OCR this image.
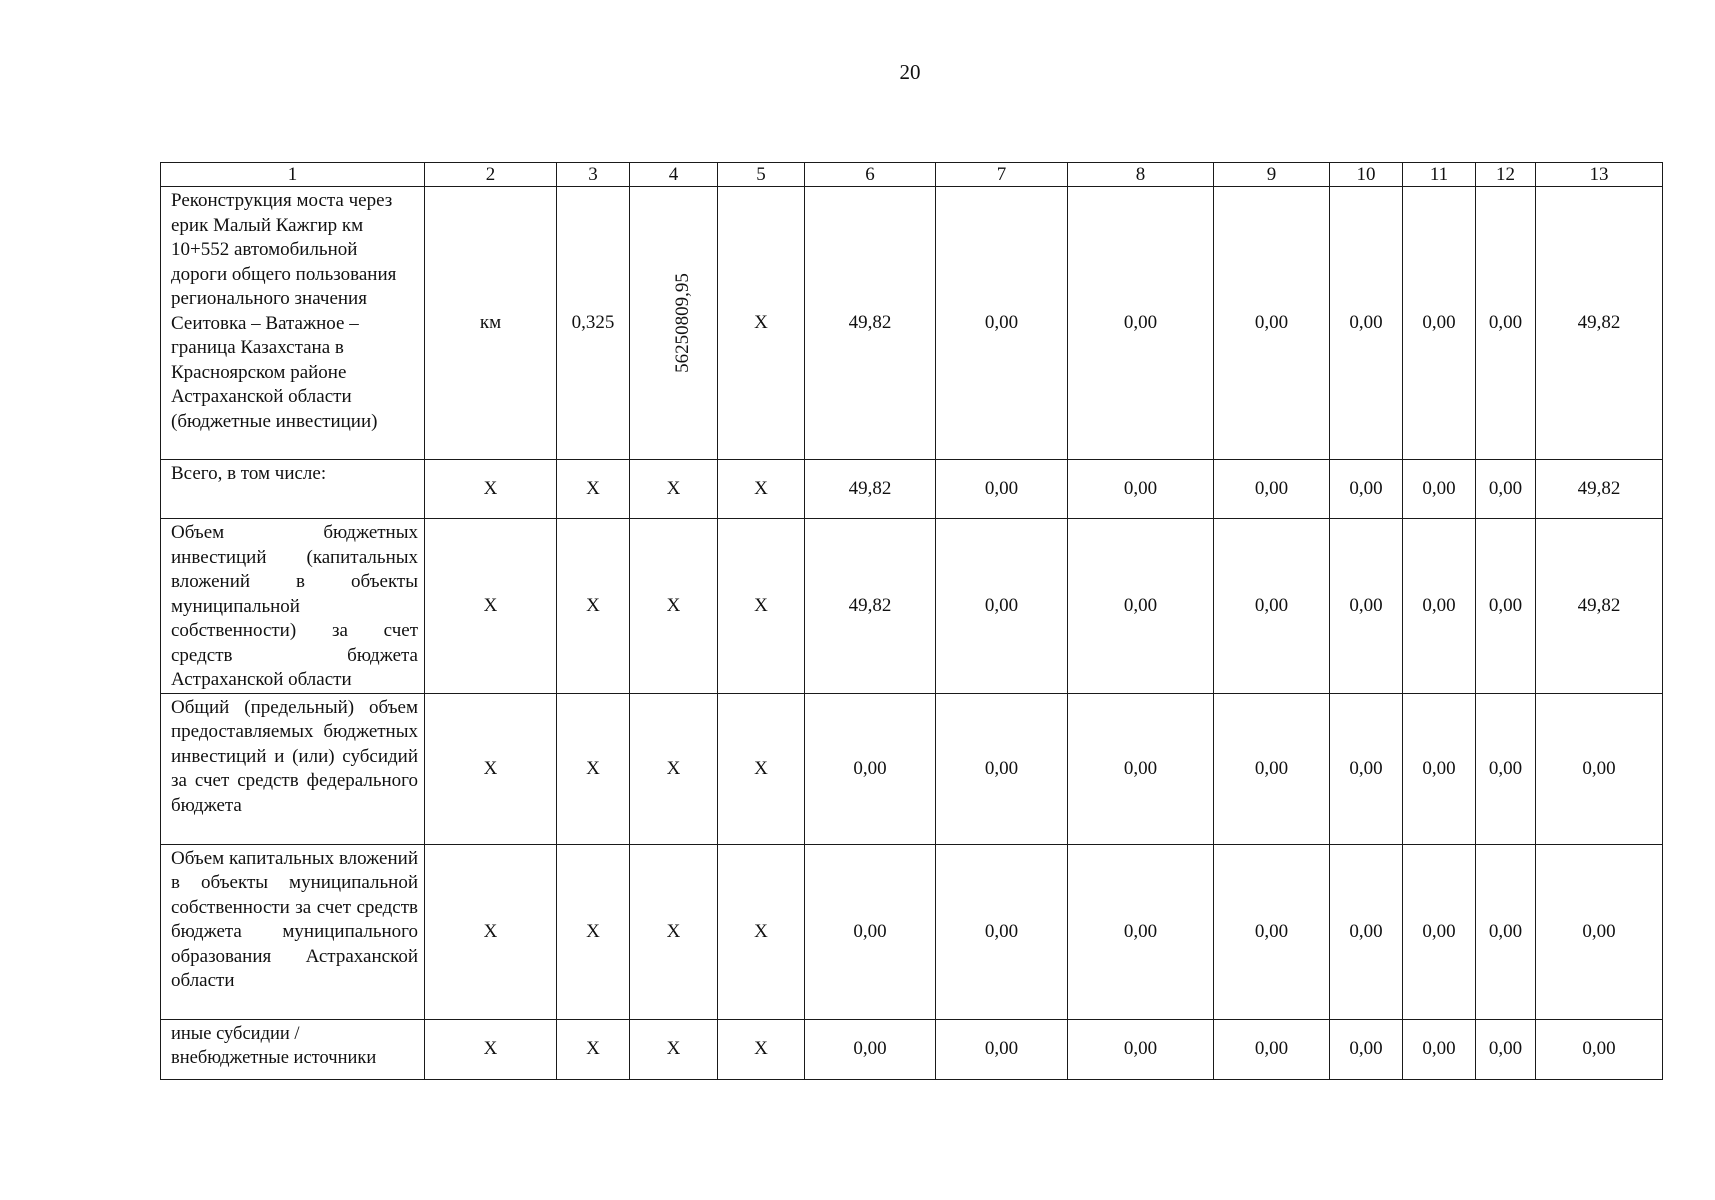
20
1	2	3	4	5	6	7	8	9	10	11	12	13
Реконструкция моста через ерик Малый Кажгир км 10+552 автомобильной дороги общего пользования регионального значения Сеитовка – Ватажное – граница Казахстана в Красноярском районе Астраханской области (бюджетные инвестиции)	км	0,325	56250809,95	X	49,82	0,00	0,00	0,00	0,00	0,00	0,00	49,82
Всего, в том числе:	X	X	X	X	49,82	0,00	0,00	0,00	0,00	0,00	0,00	49,82
Объем бюджетных инвестиций (капитальных вложений в объекты муниципальной собственности) за счет средств бюджета Астраханской области	X	X	X	X	49,82	0,00	0,00	0,00	0,00	0,00	0,00	49,82
Общий (предельный) объем предоставляемых бюджетных инвестиций и (или) субсидий за счет средств федерального бюджета	X	X	X	X	0,00	0,00	0,00	0,00	0,00	0,00	0,00	0,00
Объем капитальных вложений в объекты муниципальной собственности за счет средств бюджета муниципального образования Астраханской области	X	X	X	X	0,00	0,00	0,00	0,00	0,00	0,00	0,00	0,00
иные субсидии / внебюджетные источники	X	X	X	X	0,00	0,00	0,00	0,00	0,00	0,00	0,00	0,00
